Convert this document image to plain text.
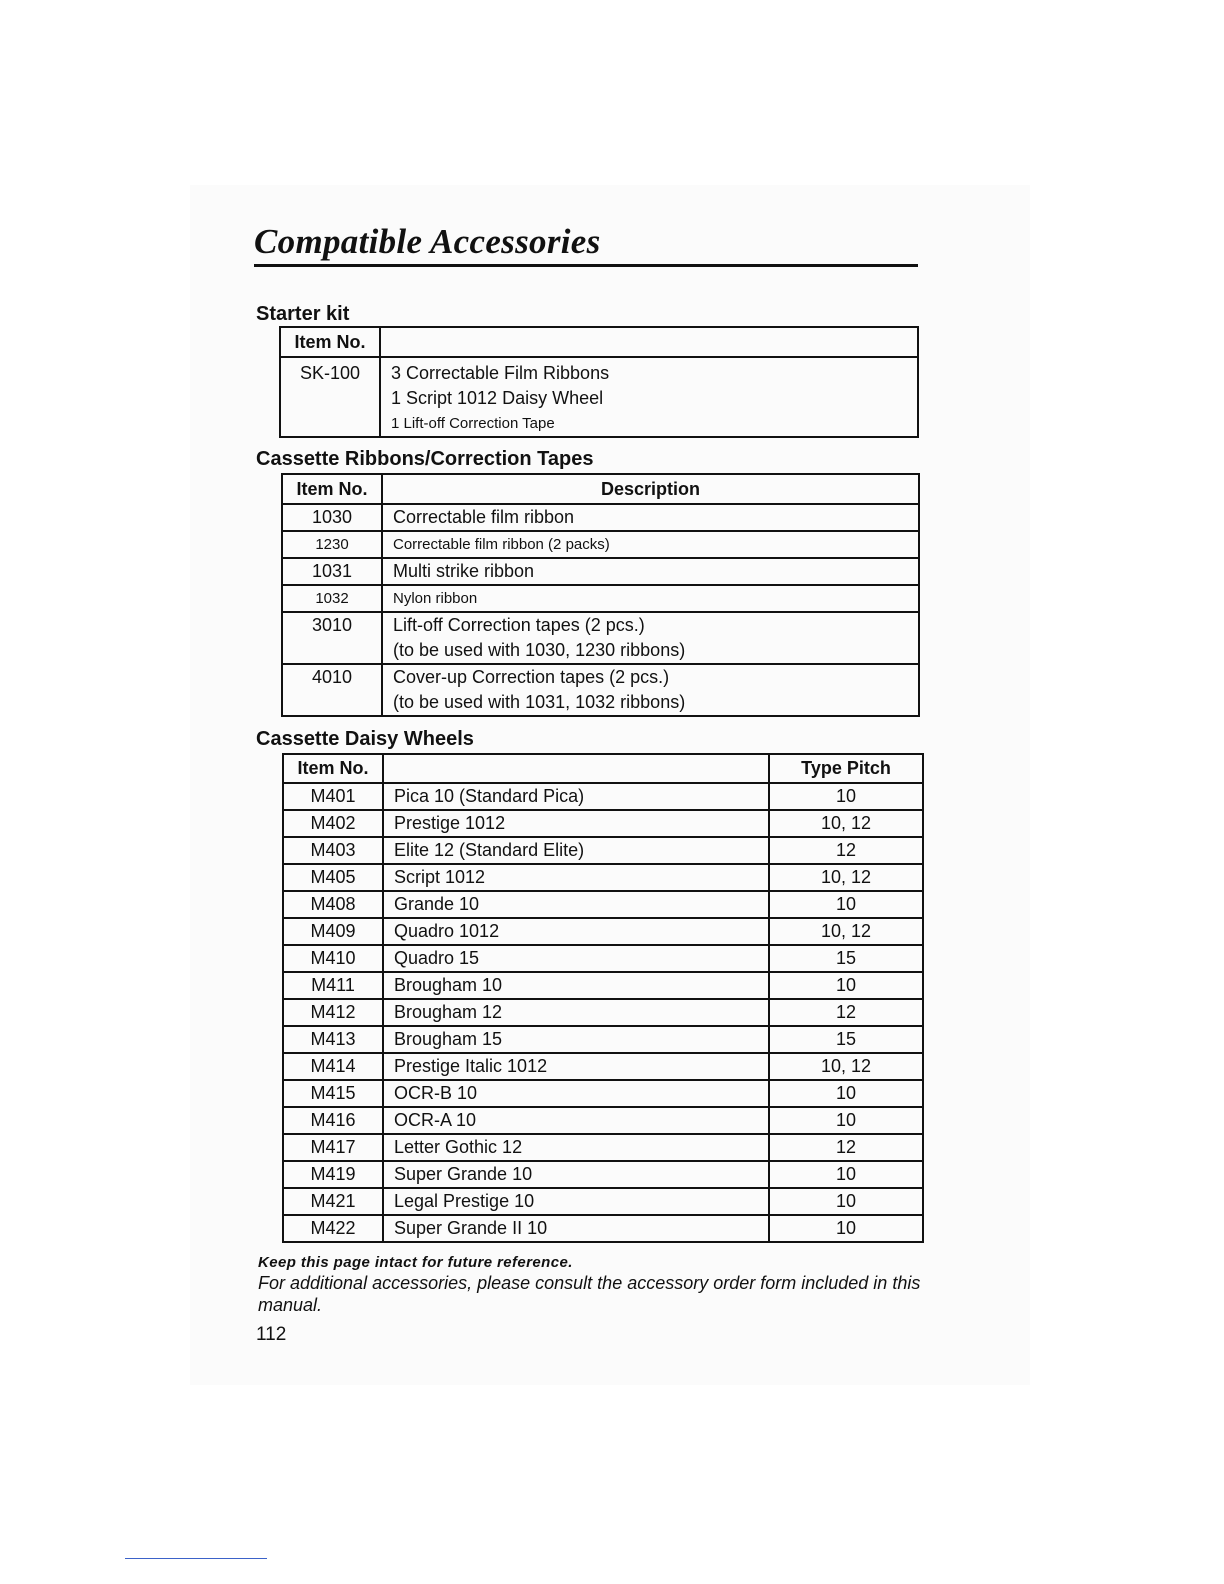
Compatible Accessories
Starter kit
Item No.	
SK-100	3 Correctable Film Ribbons
1 Script 1012 Daisy Wheel
1 Lift-off Correction Tape
Cassette Ribbons/Correction Tapes
Item No.	Description
1030	Correctable film ribbon

1230	Correctable film ribbon (2 packs)

1031	Multi strike ribbon

1032	Nylon ribbon

3010	Lift-off Correction tapes (2 pcs.)
(to be used with 1030, 1230 ribbons)

4010	Cover-up Correction tapes (2 pcs.)
(to be used with 1031, 1032 ribbons)
Cassette Daisy Wheels
Item No.		Type Pitch
M401	Pica 10 (Standard Pica)	10
M402	Prestige 1012	10, 12
M403	Elite 12 (Standard Elite)	12
M405	Script 1012	10, 12
M408	Grande 10	10
M409	Quadro 1012	10, 12
M410	Quadro 15	15
M411	Brougham 10	10
M412	Brougham 12	12
M413	Brougham 15	15
M414	Prestige Italic 1012	10, 12
M415	OCR-B 10	10
M416	OCR-A 10	10
M417	Letter Gothic 12	12
M419	Super Grande 10	10
M421	Legal Prestige 10	10
M422	Super Grande II 10	10

Keep this page intact for future reference.

For additional accessories, please consult the accessory order form included in this manual.

112
